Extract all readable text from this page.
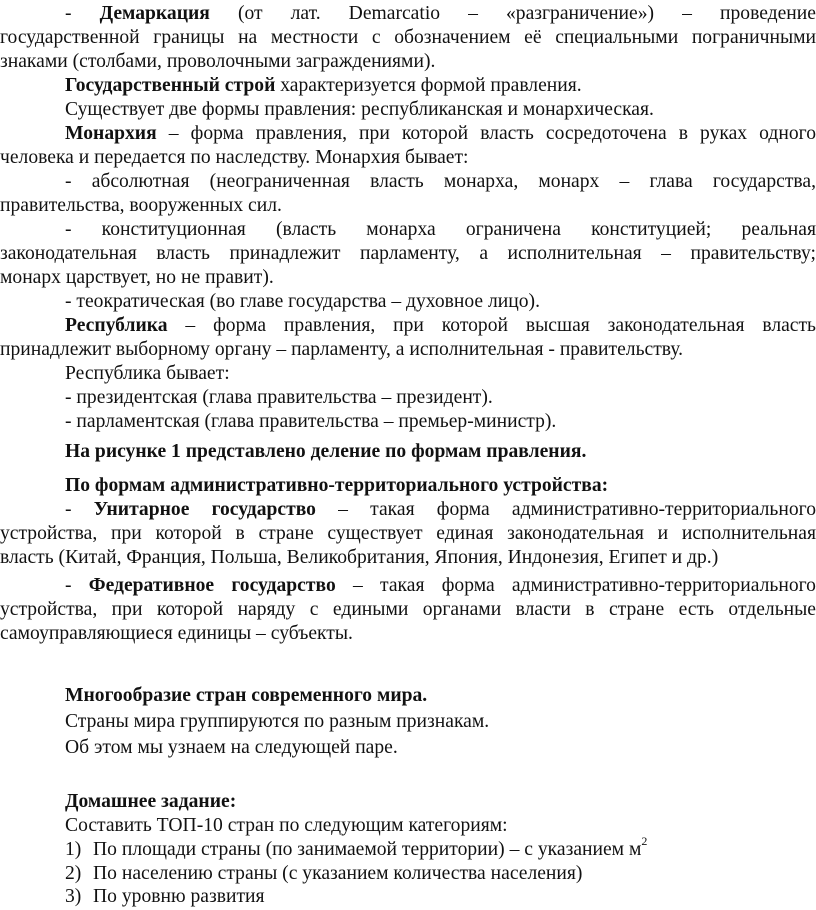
- Демаркация (от лат. Demarcatio – «разграничение») – проведение
государственной границы на местности с обозначением её специальными пограничными
знаками (столбами, проволочными заграждениями).
Государственный строй характеризуется формой правления.
Существует две формы правления: республиканская и монархическая.
Монархия – форма правления, при которой власть сосредоточена в руках одного
человека и передается по наследству. Монархия бывает:
- абсолютная (неограниченная власть монарха, монарх – глава государства,
правительства, вооруженных сил.
- конституционная (власть монарха ограничена конституцией; реальная
законодательная власть принадлежит парламенту, а исполнительная – правительству;
монарх царствует, но не правит).
- теократическая (во главе государства – духовное лицо).
Республика – форма правления, при которой высшая законодательная власть
принадлежит выборному органу – парламенту, а исполнительная - правительству.
Республика бывает:
- президентская (глава правительства – президент).
- парламентская (глава правительства – премьер-министр).
На рисунке 1 представлено деление по формам правления.
По формам административно-территориального устройства:
- Унитарное государство – такая форма административно-территориального
устройства, при которой в стране существует единая законодательная и исполнительная
власть (Китай, Франция, Польша, Великобритания, Япония, Индонезия, Египет и др.)
- Федеративное государство – такая форма административно-территориального
устройства, при которой наряду с едиными органами власти в стране есть отдельные
самоуправляющиеся единицы – субъекты.
Многообразие стран современного мира.
Страны мира группируются по разным признакам.
Об этом мы узнаем на следующей паре.
Домашнее задание:
Составить ТОП-10 стран по следующим категориям:
1) По площади страны (по занимаемой территории) – с указанием $м^2$
2) По населению страны (с указанием количества населения)
3) По уровню развития
